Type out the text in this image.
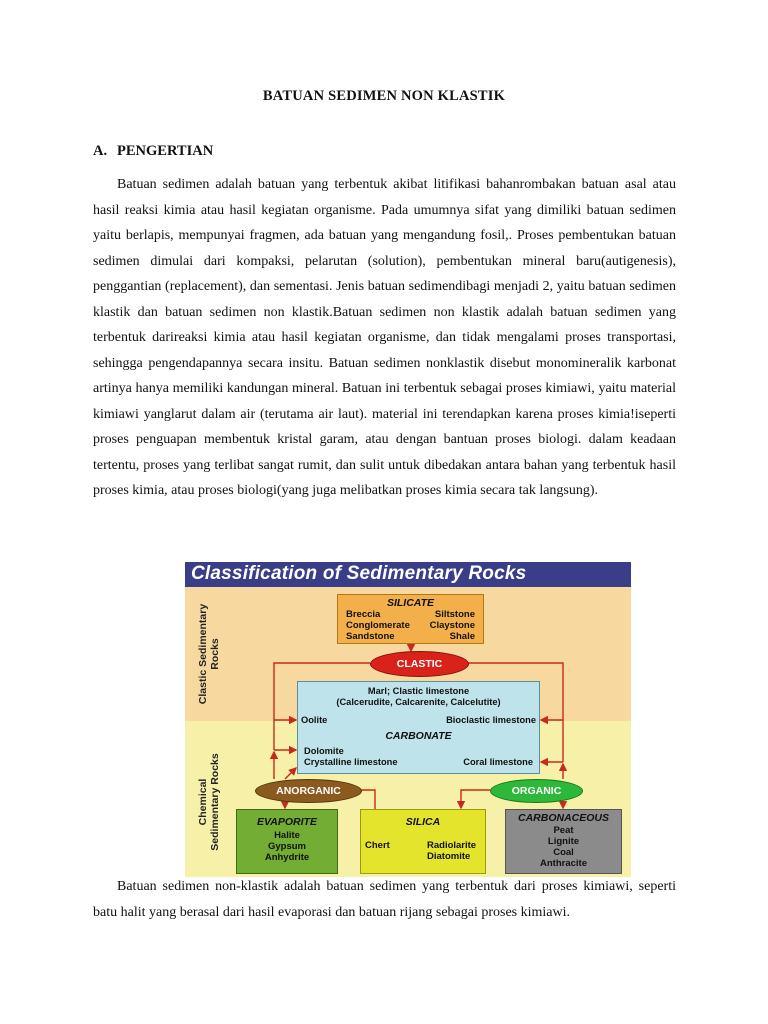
BATUAN SEDIMEN NON KLASTIK
A. PENGERTIAN
Batuan sedimen adalah batuan yang terbentuk akibat litifikasi bahanrombakan batuan asal atau hasil reaksi kimia atau hasil kegiatan organisme. Pada umumnya sifat yang dimiliki batuan sedimen yaitu berlapis, mempunyai fragmen, ada batuan yang mengandung fosil,. Proses pembentukan batuan sedimen dimulai dari kompaksi, pelarutan (solution), pembentukan mineral baru(autigenesis), penggantian (replacement), dan sementasi. Jenis batuan sedimendibagi menjadi 2, yaitu batuan sedimen klastik dan batuan sedimen non klastik.Batuan sedimen non klastik adalah batuan sedimen yang terbentuk darireaksi kimia atau hasil kegiatan organisme, dan tidak mengalami proses transportasi, sehingga pengendapannya secara insitu. Batuan sedimen nonklastik disebut monomineralik karbonat artinya hanya memiliki kandungan mineral. Batuan ini terbentuk sebagai proses kimiawi, yaitu material kimiawi yanglarut dalam air (terutama air laut). material ini terendapkan karena proses kimia!iseperti proses penguapan membentuk kristal garam, atau dengan bantuan proses biologi. dalam keadaan tertentu, proses yang terlibat sangat rumit, dan sulit untuk dibedakan antara bahan yang terbentuk hasil proses kimia, atau proses biologi(yang juga melibatkan proses kimia secara tak langsung).
Classification of Sedimentary Rocks
Clastic Sedimentary Rocks
Chemical Sedimentary Rocks
SILICATE
Breccia
Conglomerate
Sandstone
Siltstone
Claystone
Shale
CLASTIC
Marl; Clastic limestone
(Calcerudite, Calcarenite, Calcelutite)
Oolite	Bioclastic limestone
CARBONATE
Dolomite
Crystalline limestone	Coral limestone
ANORGANIC	ORGANIC
EVAPORITE
Halite
Gypsum
Anhydrite
SILICA
Chert	Radiolarite
Diatomite
CARBONACEOUS
Peat
Lignite
Coal
Anthracite
Batuan sedimen non-klastik adalah batuan sedimen yang terbentuk dari proses kimiawi, seperti batu halit yang berasal dari hasil evaporasi dan batuan rijang sebagai proses kimiawi.
